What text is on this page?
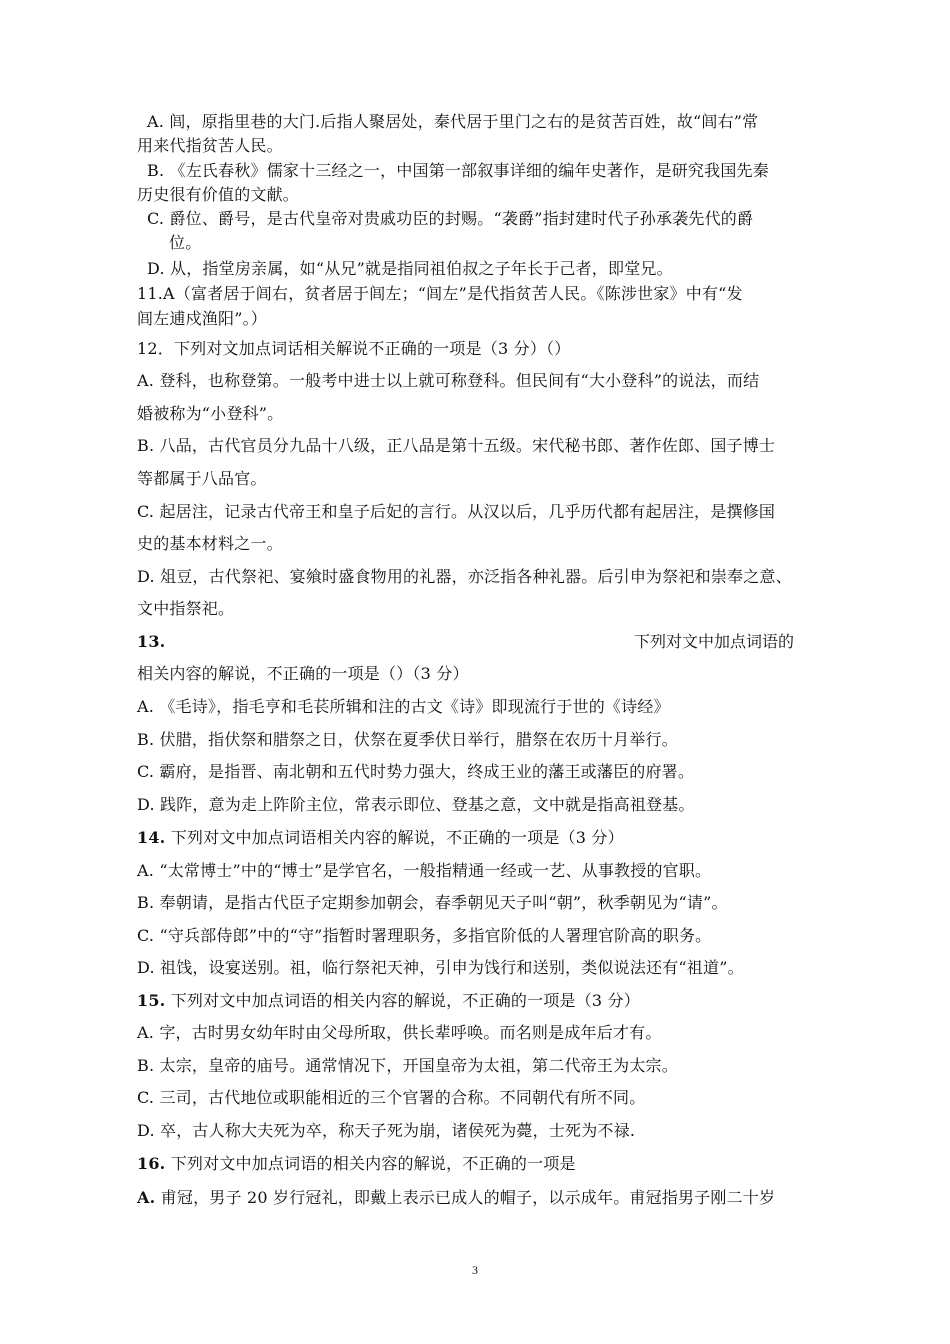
A. 闾，原指里巷的大门.后指人聚居处，秦代居于里门之右的是贫苦百姓，故“闾右”常
用来代指贫苦人民。
B. 《左氏春秋》儒家十三经之一，中国第一部叙事详细的编年史著作，是研究我国先秦
历史很有价值的文献。
C. 爵位、爵号，是古代皇帝对贵戚功臣的封赐。“袭爵”指封建时代子孙承袭先代的爵
位。
D. 从，指堂房亲属，如“从兄”就是指同祖伯叔之子年长于己者，即堂兄。
11.A（富者居于闾右，贫者居于闾左；“闾左”是代指贫苦人民。《陈涉世家》中有“发
闾左逋戍渔阳”。）
12．下列对文加点词话相关解说不正确的一项是（3 分）（）
A. 登科，也称登第。一般考中进士以上就可称登科。但民间有“大小登科”的说法，而结
婚被称为“小登科”。
B. 八品，古代官员分九品十八级，正八品是第十五级。宋代秘书郎、著作佐郎、国子博士
等都属于八品官。
C. 起居注，记录古代帝王和皇子后妃的言行。从汉以后，几乎历代都有起居注，是撰修国
史的基本材料之一。
D. 俎豆，古代祭祀、宴飨时盛食物用的礼器，亦泛指各种礼器。后引申为祭祀和崇奉之意、
文中指祭祀。
13.	下列对文中加点词语的
相关内容的解说，不正确的一项是（）（3 分）
A. 《毛诗》，指毛亨和毛苌所辑和注的古文《诗》即现流行于世的《诗经》
B. 伏腊，指伏祭和腊祭之日，伏祭在夏季伏日举行，腊祭在农历十月举行。
C. 霸府，是指晋、南北朝和五代时势力强大，终成王业的藩王或藩臣的府署。
D. 践阼，意为走上阼阶主位，常表示即位、登基之意，文中就是指高祖登基。
14. 下列对文中加点词语相关内容的解说，不正确的一项是（3 分）
A. “太常博士”中的“博士”是学官名，一般指精通一经或一艺、从事教授的官职。
B. 奉朝请，是指古代臣子定期参加朝会，春季朝见天子叫“朝”，秋季朝见为“请”。
C. “守兵部侍郎”中的“守”指暂时署理职务，多指官阶低的人署理官阶高的职务。
D. 祖饯，设宴送别。祖，临行祭祀天神，引申为饯行和送别，类似说法还有“祖道”。
15. 下列对文中加点词语的相关内容的解说，不正确的一项是（3 分）
A. 字，古时男女幼年时由父母所取，供长辈呼唤。而名则是成年后才有。
B. 太宗，皇帝的庙号。通常情况下，开国皇帝为太祖，第二代帝王为太宗。
C. 三司，古代地位或职能相近的三个官署的合称。不同朝代有所不同。
D. 卒，古人称大夫死为卒，称天子死为崩，诸侯死为薨，士死为不禄.
16. 下列对文中加点词语的相关内容的解说，不正确的一项是
A. 甫冠，男子 20 岁行冠礼，即戴上表示已成人的帽子，以示成年。甫冠指男子刚二十岁
3
